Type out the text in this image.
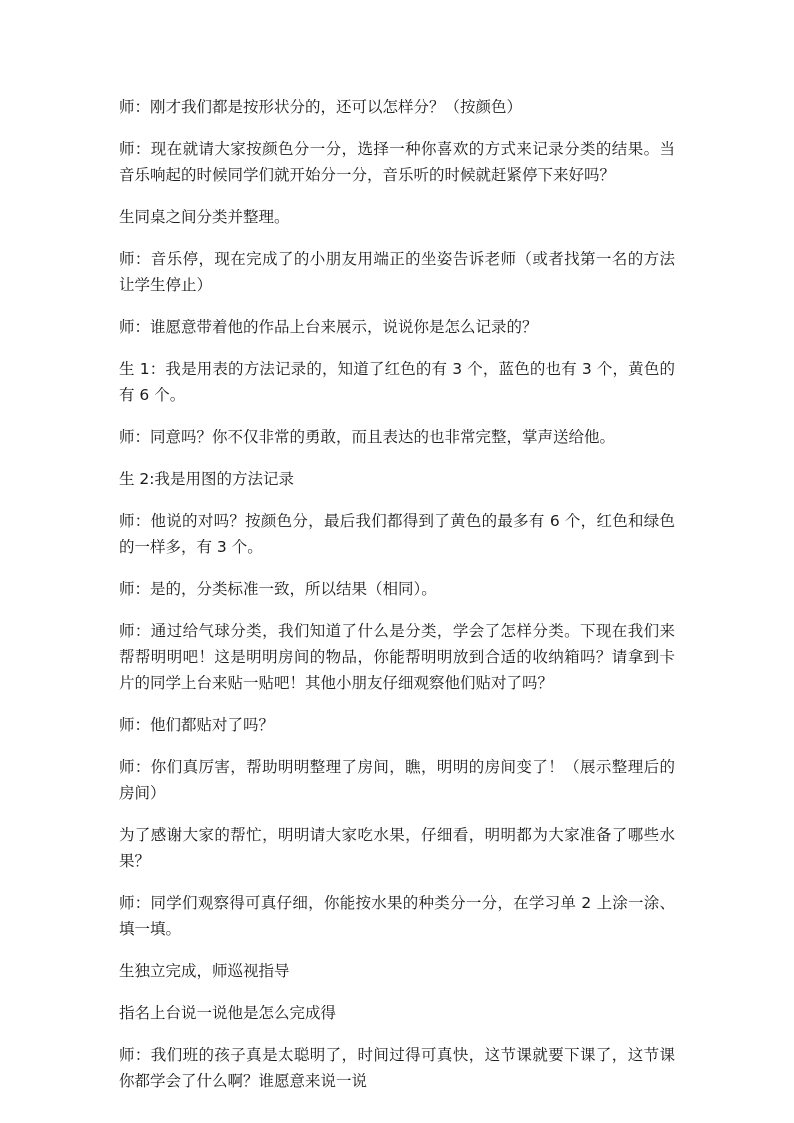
师：刚才我们都是按形状分的，还可以怎样分？（按颜色）

师：现在就请大家按颜色分一分，选择一种你喜欢的方式来记录分类的结果。当音乐响起的时候同学们就开始分一分，音乐听的时候就赶紧停下来好吗？

生同桌之间分类并整理。

师：音乐停，现在完成了的小朋友用端正的坐姿告诉老师（或者找第一名的方法让学生停止）

师：谁愿意带着他的作品上台来展示，说说你是怎么记录的？

生 1：我是用表的方法记录的，知道了红色的有 3 个，蓝色的也有 3 个，黄色的有 6 个。

师：同意吗？你不仅非常的勇敢，而且表达的也非常完整，掌声送给他。

生 2:我是用图的方法记录

师：他说的对吗？按颜色分，最后我们都得到了黄色的最多有 6 个，红色和绿色的一样多，有 3 个。

师：是的，分类标准一致，所以结果（相同）。

师：通过给气球分类，我们知道了什么是分类，学会了怎样分类。下现在我们来帮帮明明吧！这是明明房间的物品，你能帮明明放到合适的收纳箱吗？请拿到卡片的同学上台来贴一贴吧！其他小朋友仔细观察他们贴对了吗？

师：他们都贴对了吗？

师：你们真厉害，帮助明明整理了房间，瞧，明明的房间变了！（展示整理后的房间）

为了感谢大家的帮忙，明明请大家吃水果，仔细看，明明都为大家准备了哪些水果？

师：同学们观察得可真仔细，你能按水果的种类分一分，在学习单 2 上涂一涂、填一填。

生独立完成，师巡视指导

指名上台说一说他是怎么完成得

师：我们班的孩子真是太聪明了，时间过得可真快，这节课就要下课了，这节课你都学会了什么啊？谁愿意来说一说
